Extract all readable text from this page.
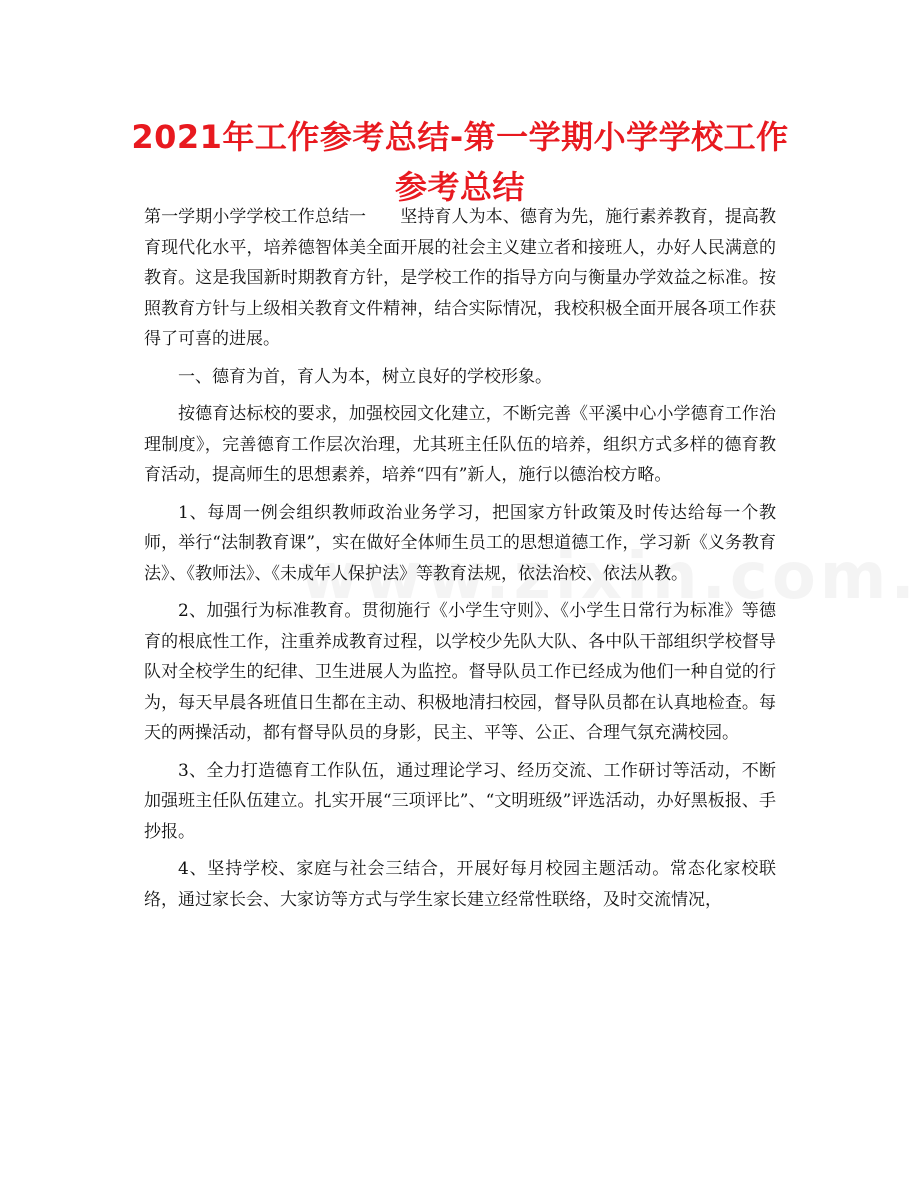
2021年工作参考总结-第一学期小学学校工作参考总结

第一学期小学学校工作总结一　　坚持育人为本、德育为先，施行素养教育，提高教育现代化水平，培养德智体美全面开展的社会主义建立者和接班人，办好人民满意的教育。这是我国新时期教育方针，是学校工作的指导方向与衡量办学效益之标准。按照教育方针与上级相关教育文件精神，结合实际情况，我校积极全面开展各项工作获得了可喜的进展。

一、德育为首，育人为本，树立良好的学校形象。

按德育达标校的要求，加强校园文化建立，不断完善《平溪中心小学德育工作治理制度》，完善德育工作层次治理，尤其班主任队伍的培养，组织方式多样的德育教育活动，提高师生的思想素养，培养“四有”新人，施行以德治校方略。

1、每周一例会组织教师政治业务学习，把国家方针政策及时传达给每一个教师，举行“法制教育课”，实在做好全体师生员工的思想道德工作，学习新《义务教育法》、《教师法》、《未成年人保护法》等教育法规，依法治校、依法从教。

2、加强行为标准教育。贯彻施行《小学生守则》、《小学生日常行为标准》等德育的根底性工作，注重养成教育过程，以学校少先队大队、各中队干部组织学校督导队对全校学生的纪律、卫生进展人为监控。督导队员工作已经成为他们一种自觉的行为，每天早晨各班值日生都在主动、积极地清扫校园，督导队员都在认真地检查。每天的两操活动，都有督导队员的身影，民主、平等、公正、合理气氛充满校园。

3、全力打造德育工作队伍，通过理论学习、经历交流、工作研讨等活动，不断加强班主任队伍建立。扎实开展“三项评比”、“文明班级”评选活动，办好黑板报、手抄报。

4、坚持学校、家庭与社会三结合，开展好每月校园主题活动。常态化家校联络，通过家长会、大家访等方式与学生家长建立经常性联络，及时交流情况，
